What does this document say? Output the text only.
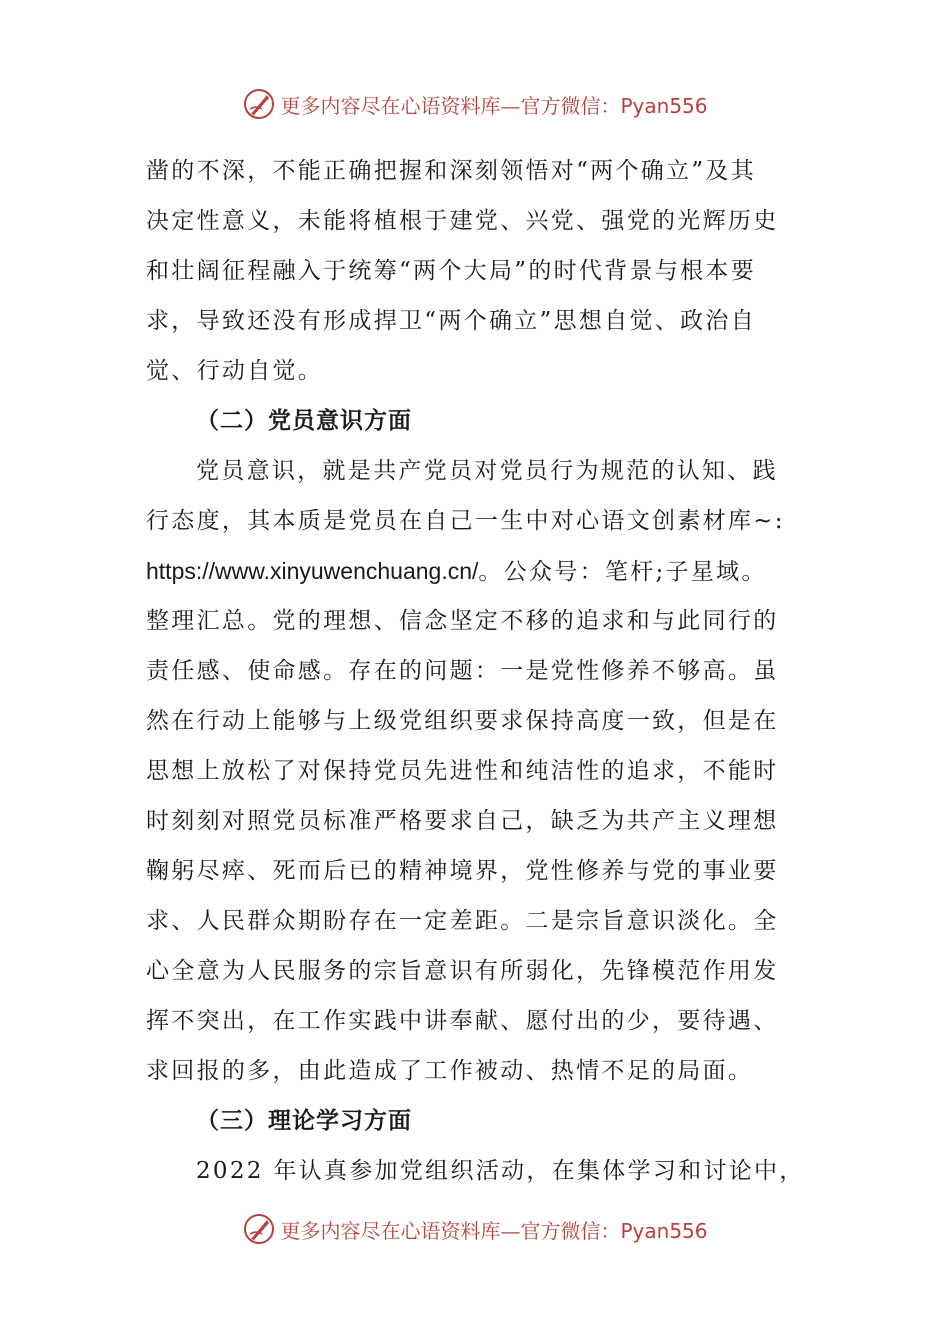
更多内容尽在心语资料库—官方微信：Pyan556
凿的不深，不能正确把握和深刻领悟对“两个确立”及其
决定性意义，未能将植根于建党、兴党、强党的光辉历史
和壮阔征程融入于统筹“两个大局”的时代背景与根本要
求，导致还没有形成捍卫“两个确立”思想自觉、政治自
觉、行动自觉。
（二）党员意识方面
党员意识，就是共产党员对党员行为规范的认知、践
行态度，其本质是党员在自己一生中对心语文创素材库~:
https://www.xinyuwenchuang.cn/。公众号：笔杆;子星域。
整理汇总。党的理想、信念坚定不移的追求和与此同行的
责任感、使命感。存在的问题：一是党性修养不够高。虽
然在行动上能够与上级党组织要求保持高度一致，但是在
思想上放松了对保持党员先进性和纯洁性的追求，不能时
时刻刻对照党员标准严格要求自己，缺乏为共产主义理想
鞠躬尽瘁、死而后已的精神境界，党性修养与党的事业要
求、人民群众期盼存在一定差距。二是宗旨意识淡化。全
心全意为人民服务的宗旨意识有所弱化，先锋模范作用发
挥不突出，在工作实践中讲奉献、愿付出的少，要待遇、
求回报的多，由此造成了工作被动、热情不足的局面。
（三）理论学习方面
2022 年认真参加党组织活动，在集体学习和讨论中，
更多内容尽在心语资料库—官方微信：Pyan556
